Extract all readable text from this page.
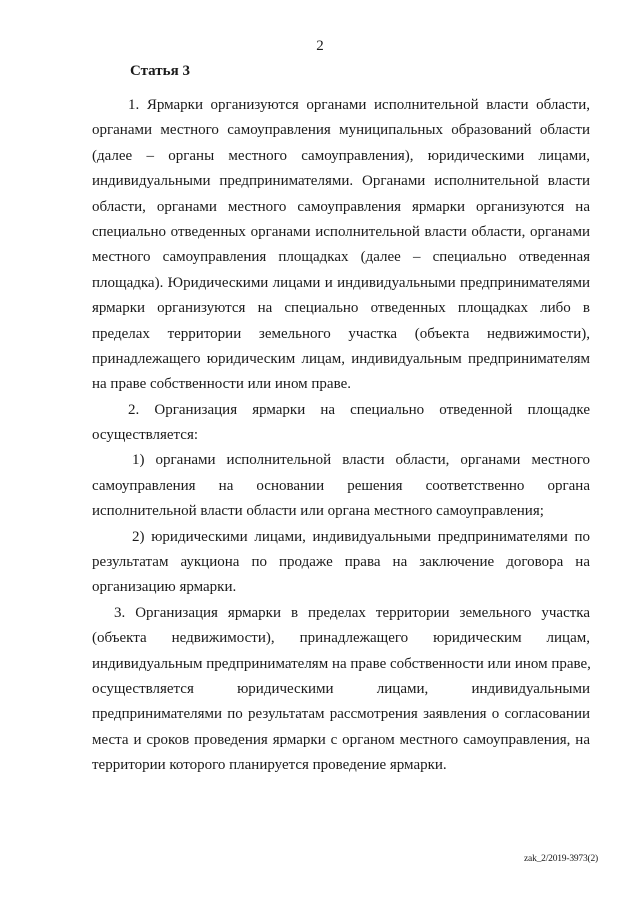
2
Статья 3
1. Ярмарки организуются органами исполнительной власти области,
органами местного самоуправления муниципальных образований области
(далее – органы местного самоуправления), юридическими лицами,
индивидуальными предпринимателями. Органами исполнительной власти
области, органами местного самоуправления ярмарки организуются на
специально отведенных органами исполнительной власти области, органами
местного самоуправления площадках (далее – специально отведенная
площадка). Юридическими лицами и индивидуальными предпринимателями
ярмарки организуются на специально отведенных площадках либо в
пределах территории земельного участка (объекта недвижимости),
принадлежащего юридическим лицам, индивидуальным предпринимателям
на праве собственности или ином праве.
2. Организация ярмарки на специально отведенной площадке
осуществляется:
1) органами исполнительной власти области, органами местного
самоуправления на основании решения соответственно органа
исполнительной власти области или органа местного самоуправления;
2) юридическими лицами, индивидуальными предпринимателями по
результатам аукциона по продаже права на заключение договора на
организацию ярмарки.
3. Организация ярмарки в пределах территории земельного участка
(объекта недвижимости), принадлежащего юридическим лицам,
индивидуальным предпринимателям на праве собственности или ином праве,
осуществляется юридическими лицами, индивидуальными
предпринимателями по результатам рассмотрения заявления о согласовании
места и сроков проведения ярмарки с органом местного самоуправления, на
территории которого планируется проведение ярмарки.
zak_2/2019-3973(2)
